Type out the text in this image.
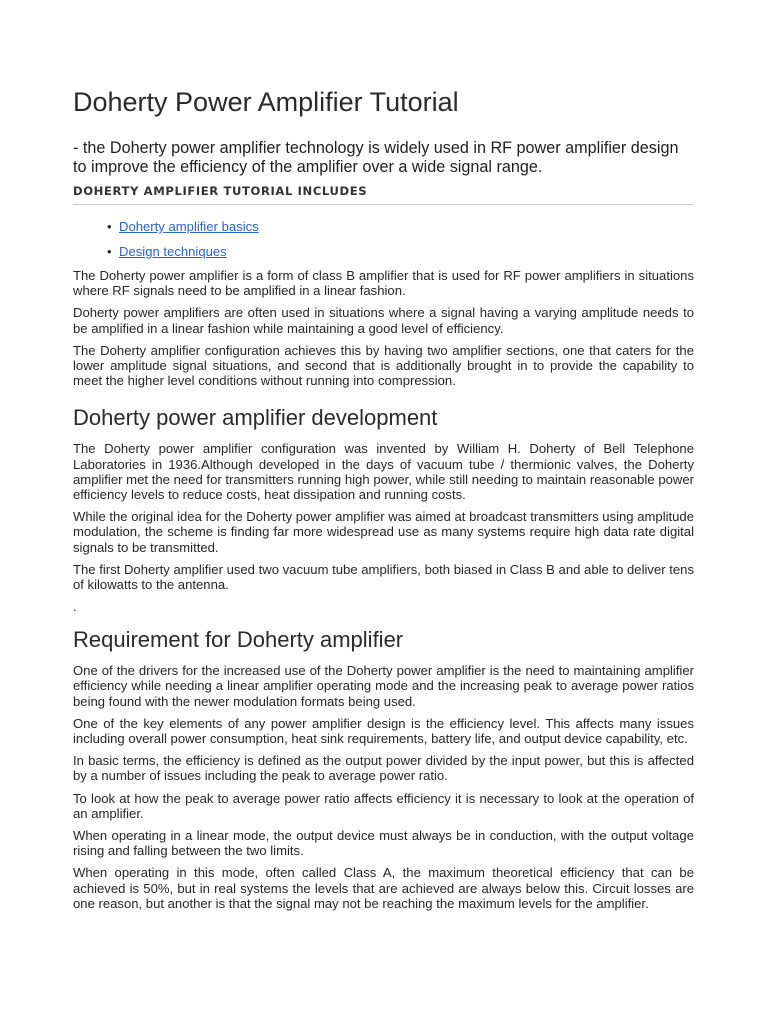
Doherty Power Amplifier Tutorial

- the Doherty power amplifier technology is widely used in RF power amplifier design to improve the efficiency of the amplifier over a wide signal range.

DOHERTY AMPLIFIER TUTORIAL INCLUDES
• Doherty amplifier basics
• Design techniques

The Doherty power amplifier is a form of class B amplifier that is used for RF power amplifiers in situations where RF signals need to be amplified in a linear fashion.

Doherty power amplifiers are often used in situations where a signal having a varying amplitude needs to be amplified in a linear fashion while maintaining a good level of efficiency.

The Doherty amplifier configuration achieves this by having two amplifier sections, one that caters for the lower amplitude signal situations, and second that is additionally brought in to provide the capability to meet the higher level conditions without running into compression.

Doherty power amplifier development

The Doherty power amplifier configuration was invented by William H. Doherty of Bell Telephone Laboratories in 1936.Although developed in the days of vacuum tube / thermionic valves, the Doherty amplifier met the need for transmitters running high power, while still needing to maintain reasonable power efficiency levels to reduce costs, heat dissipation and running costs.

While the original idea for the Doherty power amplifier was aimed at broadcast transmitters using amplitude modulation, the scheme is finding far more widespread use as many systems require high data rate digital signals to be transmitted.

The first Doherty amplifier used two vacuum tube amplifiers, both biased in Class B and able to deliver tens of kilowatts to the antenna.

.

Requirement for Doherty amplifier

One of the drivers for the increased use of the Doherty power amplifier is the need to maintaining amplifier efficiency while needing a linear amplifier operating mode and the increasing peak to average power ratios being found with the newer modulation formats being used.

One of the key elements of any power amplifier design is the efficiency level. This affects many issues including overall power consumption, heat sink requirements, battery life, and output device capability, etc.

In basic terms, the efficiency is defined as the output power divided by the input power, but this is affected by a number of issues including the peak to average power ratio.

To look at how the peak to average power ratio affects efficiency it is necessary to look at the operation of an amplifier.

When operating in a linear mode, the output device must always be in conduction, with the output voltage rising and falling between the two limits.

When operating in this mode, often called Class A, the maximum theoretical efficiency that can be achieved is 50%, but in real systems the levels that are achieved are always below this. Circuit losses are one reason, but another is that the signal may not be reaching the maximum levels for the amplifier.
